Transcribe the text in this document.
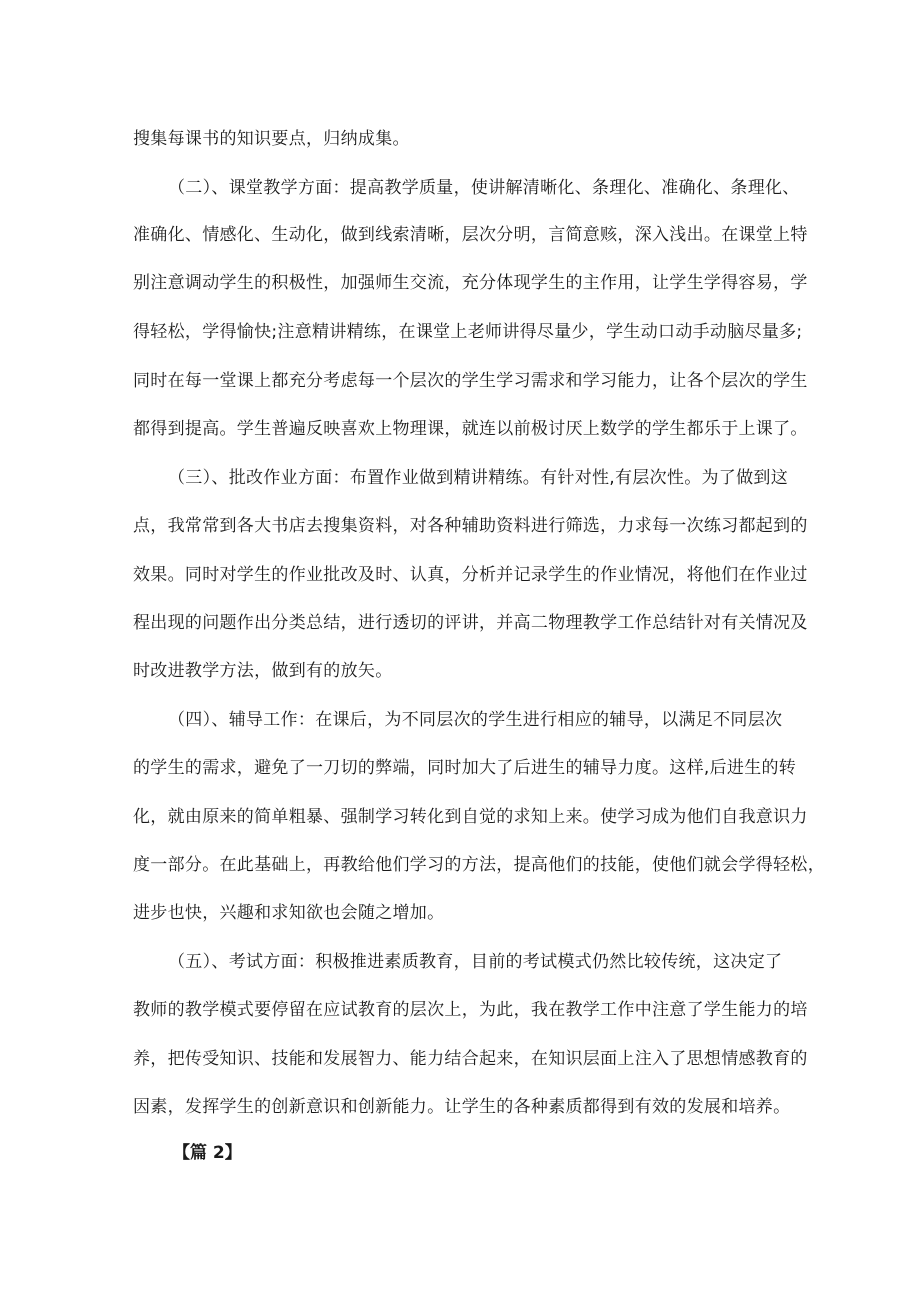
搜集每课书的知识要点，归纳成集。
（二）、课堂教学方面：提高教学质量，使讲解清晰化、条理化、准确化、条理化、
准确化、情感化、生动化，做到线索清晰，层次分明，言简意赅，深入浅出。在课堂上特
别注意调动学生的积极性，加强师生交流，充分体现学生的主作用，让学生学得容易，学
得轻松，学得愉快;注意精讲精练，在课堂上老师讲得尽量少，学生动口动手动脑尽量多;
同时在每一堂课上都充分考虑每一个层次的学生学习需求和学习能力，让各个层次的学生
都得到提高。学生普遍反映喜欢上物理课，就连以前极讨厌上数学的学生都乐于上课了。
（三）、批改作业方面：布置作业做到精讲精练。有针对性,有层次性。为了做到这
点，我常常到各大书店去搜集资料，对各种辅助资料进行筛选，力求每一次练习都起到的
效果。同时对学生的作业批改及时、认真，分析并记录学生的作业情况，将他们在作业过
程出现的问题作出分类总结，进行透切的评讲，并高二物理教学工作总结针对有关情况及
时改进教学方法，做到有的放矢。
（四）、辅导工作：在课后，为不同层次的学生进行相应的辅导，以满足不同层次
的学生的需求，避免了一刀切的弊端，同时加大了后进生的辅导力度。这样,后进生的转
化，就由原来的简单粗暴、强制学习转化到自觉的求知上来。使学习成为他们自我意识力
度一部分。在此基础上，再教给他们学习的方法，提高他们的技能，使他们就会学得轻松，
进步也快，兴趣和求知欲也会随之增加。
（五）、考试方面：积极推进素质教育，目前的考试模式仍然比较传统，这决定了
教师的教学模式要停留在应试教育的层次上，为此，我在教学工作中注意了学生能力的培
养，把传受知识、技能和发展智力、能力结合起来，在知识层面上注入了思想情感教育的
因素，发挥学生的创新意识和创新能力。让学生的各种素质都得到有效的发展和培养。
【篇 2】
